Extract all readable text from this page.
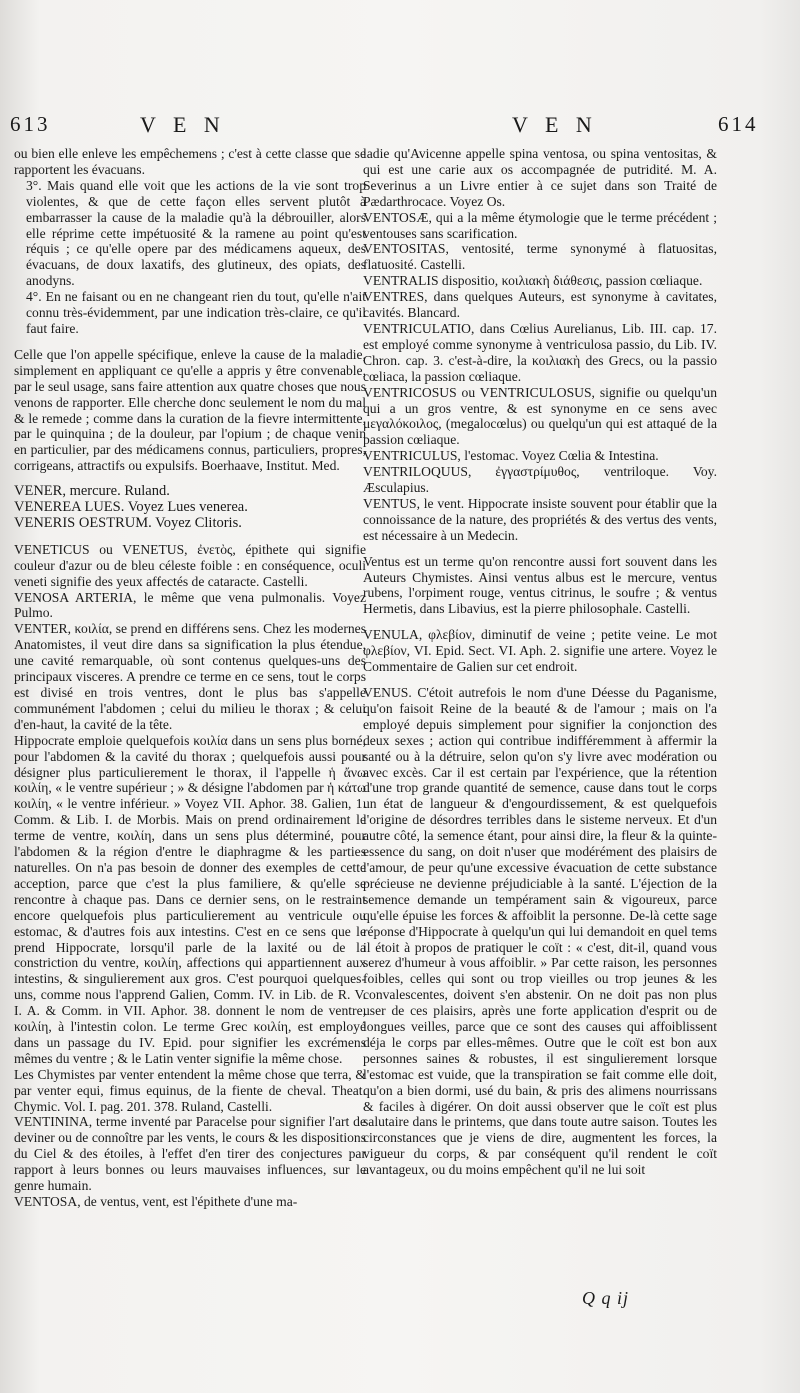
613	V E N	V E N	614

ou bien elle enleve les empêchemens ; c'est à cette classe que se rapportent les évacuans.

3°. Mais quand elle voit que les actions de la vie sont trop violentes, & que de cette façon elles servent plutôt à embarrasser la cause de la maladie qu'à la débrouiller, alors elle réprime cette impétuosité & la ramene au point qu'est réquis ; ce qu'elle opere par des médicamens aqueux, des évacuans, de doux laxatifs, des glutineux, des opiats, des anodyns.

4°. En ne faisant ou en ne changeant rien du tout, qu'elle n'ait connu très-évidemment, par une indication très-claire, ce qu'il faut faire.

Celle que l'on appelle spécifique, enleve la cause de la maladie, simplement en appliquant ce qu'elle a appris y être convenable, par le seul usage, sans faire attention aux quatre choses que nous venons de rapporter. Elle cherche donc seulement le nom du mal & le remede ; comme dans la curation de la fievre intermittente, par le quinquina ; de la douleur, par l'opium ; de chaque venin en particulier, par des médicamens connus, particuliers, propres, corrigeans, attractifs ou expulsifs. Boerhaave, Institut. Med.

VENER, mercure. Ruland.

VENEREA LUES. Voyez Lues venerea.

VENERIS OESTRUM. Voyez Clitoris.

VENETICUS ou VENETUS, ἐνετὸς, épithete qui signifie couleur d'azur ou de bleu céleste foible : en conséquence, oculi veneti signifie des yeux affectés de cataracte. Castelli.

VENOSA ARTERIA, le même que vena pulmonalis. Voyez Pulmo.

VENTER, κοιλία, se prend en différens sens. Chez les modernes Anatomistes, il veut dire dans sa signification la plus étendue, une cavité remarquable, où sont contenus quelques-uns des principaux visceres. A prendre ce terme en ce sens, tout le corps est divisé en trois ventres, dont le plus bas s'appelle communément l'abdomen ; celui du milieu le thorax ; & celui d'en-haut, la cavité de la tête.

Hippocrate emploie quelquefois κοιλία dans un sens plus borné, pour l'abdomen & la cavité du thorax ; quelquefois aussi pour désigner plus particulierement le thorax, il l'appelle ἡ ἄνω κοιλίη, « le ventre supérieur ; » & désigne l'abdomen par ἡ κάτω κοιλίη, « le ventre inférieur. » Voyez VII. Aphor. 38. Galien, 1. Comm. & Lib. I. de Morbis. Mais on prend ordinairement le terme de ventre, κοιλίη, dans un sens plus déterminé, pour l'abdomen & la région d'entre le diaphragme & les parties naturelles. On n'a pas besoin de donner des exemples de cette acception, parce que c'est la plus familiere, & qu'elle se rencontre à chaque pas. Dans ce dernier sens, on le restraint encore quelquefois plus particulierement au ventricule ou estomac, & d'autres fois aux intestins. C'est en ce sens que le prend Hippocrate, lorsqu'il parle de la laxité ou de la constriction du ventre, κοιλίη, affections qui appartiennent aux intestins, & singulierement aux gros. C'est pourquoi quelques-uns, comme nous l'apprend Galien, Comm. IV. in Lib. de R. V. I. A. & Comm. in VII. Aphor. 38. donnent le nom de ventre, κοιλίη, à l'intestin colon. Le terme Grec κοιλίη, est employé dans un passage du IV. Epid. pour signifier les excrémens mêmes du ventre ; & le Latin venter signifie la même chose.

Les Chymistes par venter entendent la même chose que terra, & par venter equi, fimus equinus, de la fiente de cheval. Theat. Chymic. Vol. I. pag. 201. 378. Ruland, Castelli.

VENTININA, terme inventé par Paracelse pour signifier l'art de deviner ou de connoître par les vents, le cours & les dispositions du Ciel & des étoiles, à l'effet d'en tirer des conjectures par rapport à leurs bonnes ou leurs mauvaises influences, sur le genre humain.

VENTOSA, de ventus, vent, est l'épithete d'une ma-

ladie qu'Avicenne appelle spina ventosa, ou spina ventositas, & qui est une carie aux os accompagnée de putridité. M. A. Severinus a un Livre entier à ce sujet dans son Traité de Pædarthrocace. Voyez Os.

VENTOSÆ, qui a la même étymologie que le terme précédent ; ventouses sans scarification.

VENTOSITAS, ventosité, terme synonymé à flatuositas, flatuosité. Castelli.

VENTRALIS dispositio, κοιλιακὴ διάθεσις, passion cœliaque.

VENTRES, dans quelques Auteurs, est synonyme à cavitates, cavités. Blancard.

VENTRICULATIO, dans Cœlius Aurelianus, Lib. III. cap. 17. est employé comme synonyme à ventriculosa passio, du Lib. IV. Chron. cap. 3. c'est-à-dire, la κοιλιακὴ des Grecs, ou la passio cœliaca, la passion cœliaque.

VENTRICOSUS ou VENTRICULOSUS, signifie ou quelqu'un qui a un gros ventre, & est synonyme en ce sens avec μεγαλόκοιλος, (megalocœlus) ou quelqu'un qui est attaqué de la passion cœliaque.

VENTRICULUS, l'estomac. Voyez Cœlia & Intestina.

VENTRILOQUUS, ἐγγαστρίμυθος, ventriloque. Voy. Æsculapius.

VENTUS, le vent. Hippocrate insiste souvent pour établir que la connoissance de la nature, des propriétés & des vertus des vents, est nécessaire à un Medecin.

Ventus est un terme qu'on rencontre aussi fort souvent dans les Auteurs Chymistes. Ainsi ventus albus est le mercure, ventus rubens, l'orpiment rouge, ventus citrinus, le soufre ; & ventus Hermetis, dans Libavius, est la pierre philosophale. Castelli.

VENULA, φλεβίον, diminutif de veine ; petite veine. Le mot φλεβίον, VI. Epid. Sect. VI. Aph. 2. signifie une artere. Voyez le Commentaire de Galien sur cet endroit.

VENUS. C'étoit autrefois le nom d'une Déesse du Paganisme, qu'on faisoit Reine de la beauté & de l'amour ; mais on l'a employé depuis simplement pour signifier la conjonction des deux sexes ; action qui contribue indifféremment à affermir la santé ou à la détruire, selon qu'on s'y livre avec modération ou avec excès. Car il est certain par l'expérience, que la rétention d'une trop grande quantité de semence, cause dans tout le corps un état de langueur & d'engourdissement, & est quelquefois l'origine de désordres terribles dans le sisteme nerveux. Et d'un autre côté, la semence étant, pour ainsi dire, la fleur & la quinte-essence du sang, on doit n'user que modérément des plaisirs de l'amour, de peur qu'une excessive évacuation de cette substance précieuse ne devienne préjudiciable à la santé. L'éjection de la semence demande un tempérament sain & vigoureux, parce qu'elle épuise les forces & affoiblit la personne. De-là cette sage réponse d'Hippocrate à quelqu'un qui lui demandoit en quel tems il étoit à propos de pratiquer le coït : « c'est, dit-il, quand vous serez d'humeur à vous affoiblir. » Par cette raison, les personnes foibles, celles qui sont ou trop vieilles ou trop jeunes & les convalescentes, doivent s'en abstenir. On ne doit pas non plus user de ces plaisirs, après une forte application d'esprit ou de longues veilles, parce que ce sont des causes qui affoiblissent déja le corps par elles-mêmes. Outre que le coït est bon aux personnes saines & robustes, il est singulierement lorsque l'estomac est vuide, que la transpiration se fait comme elle doit, qu'on a bien dormi, usé du bain, & pris des alimens nourrissans & faciles à digérer. On doit aussi observer que le coït est plus salutaire dans le printems, que dans toute autre saison. Toutes les circonstances que je viens de dire, augmentent les forces, la vigueur du corps, & par conséquent qu'il rendent le coït avantageux, ou du moins empêchent qu'il ne lui soit

Q q ij
